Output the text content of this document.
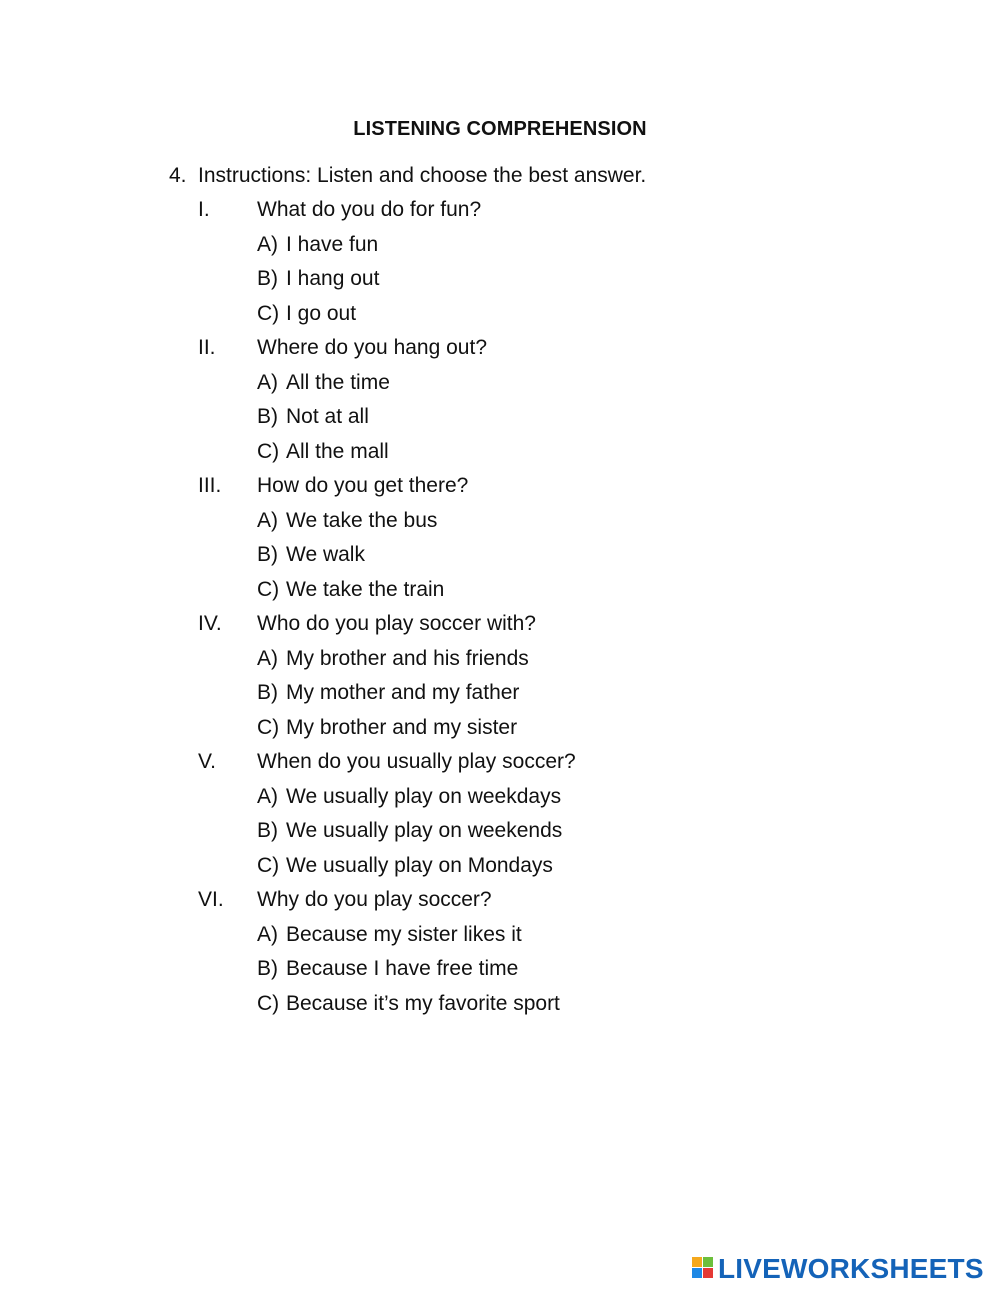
LISTENING COMPREHENSION
4. Instructions: Listen and choose the best answer.
I. What do you do for fun?
A) I have fun
B) I hang out
C) I go out
II. Where do you hang out?
A) All the time
B) Not at all
C) All the mall
III. How do you get there?
A) We take the bus
B) We walk
C) We take the train
IV. Who do you play soccer with?
A) My brother and his friends
B) My mother and my father
C) My brother and my sister
V. When do you usually play soccer?
A) We usually play on weekdays
B) We usually play on weekends
C) We usually play on Mondays
VI. Why do you play soccer?
A) Because my sister likes it
B) Because I have free time
C) Because it’s my favorite sport
LIVEWORKSHEETS
